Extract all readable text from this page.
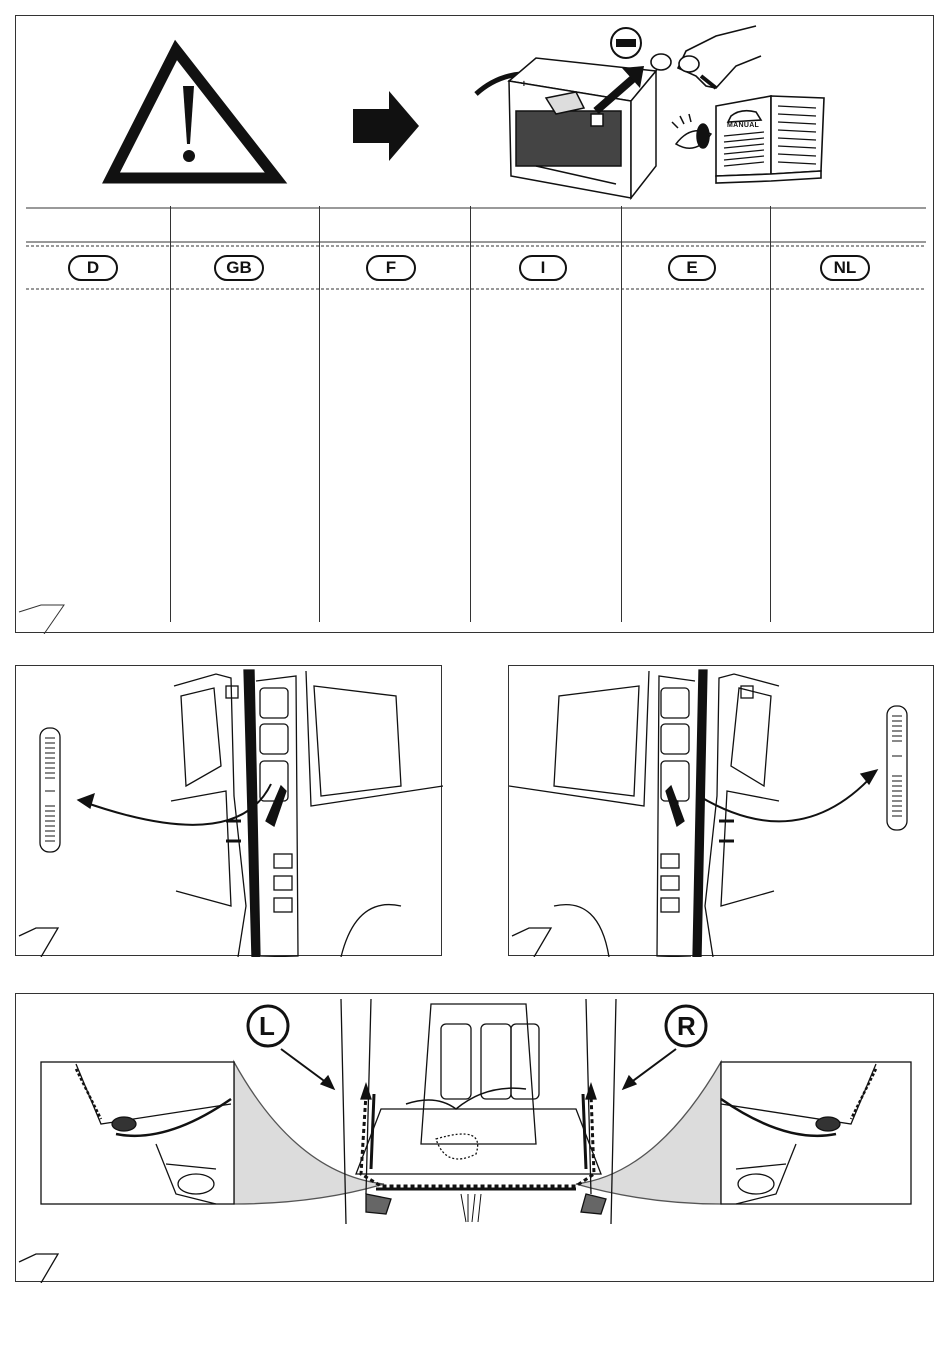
MANUAL
+
D	GB	F	I	E	NL
L	R
